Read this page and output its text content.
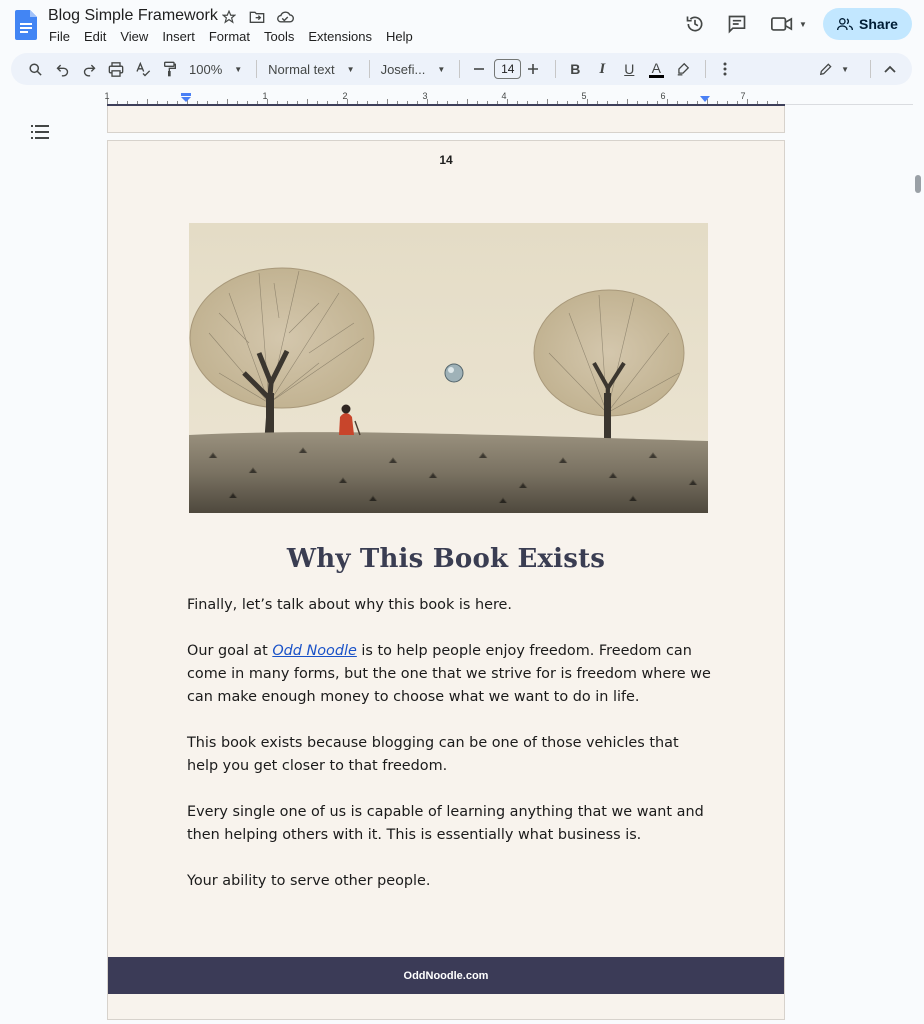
Blog Simple Framework
File Edit View Insert Format Tools Extensions Help
▼	Share
100% ▼ Normal text ▼ Josefi... ▼	14	B	I	U	A	▼
1	1	2	3	4	5	6	7
14
Why This Book Exists

Finally, let’s talk about why this book is here.

Our goal at Odd Noodle is to help people enjoy freedom. Freedom can come in many forms, but the one that we strive for is freedom where we can make enough money to choose what we want to do in life.

This book exists because blogging can be one of those vehicles that help you get closer to that freedom.

Every single one of us is capable of learning anything that we want and then helping others with it. This is essentially what business is.

Your ability to serve other people.

OddNoodle.com
